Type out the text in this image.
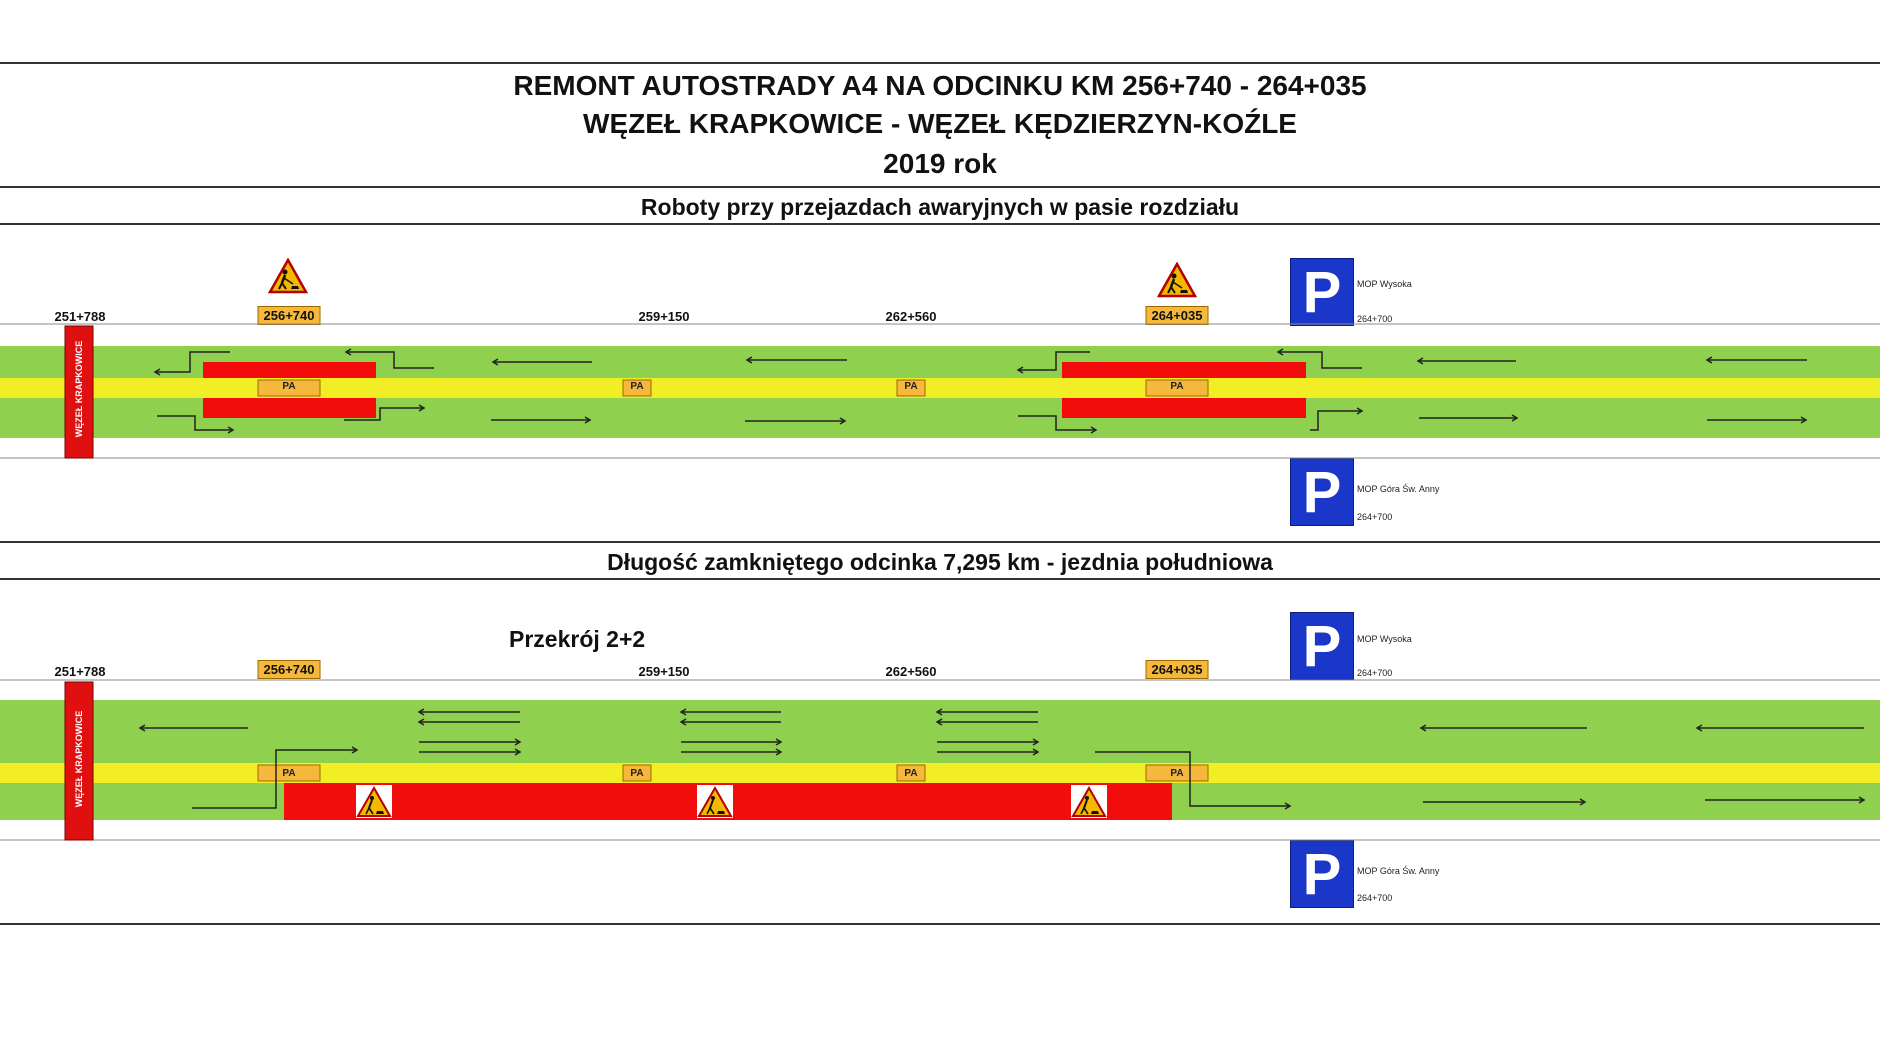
REMONT AUTOSTRADY A4 NA ODCINKU KM 256+740 - 264+035
WĘZEŁ KRAPKOWICE - WĘZEŁ KĘDZIERZYN-KOŹLE
2019 rok
Roboty przy przejazdach awaryjnych w pasie rozdziału
251+788	256+740	259+150	262+560	264+035 P	MOP Wysoka
264+700
P	MOP Góra Św. Anny
264+700
PA	PA	PA	PA
WĘZEŁ KRAPKOWICE
Długość zamkniętego odcinka 7,295 km - jezdnia południowa
Przekrój 2+2
251+788	256+740	259+150	262+560	264+035 P	MOP Wysoka
264+700
P	MOP Góra Św. Anny
264+700
PA	PA	PA	PA
WĘZEŁ KRAPKOWICE
